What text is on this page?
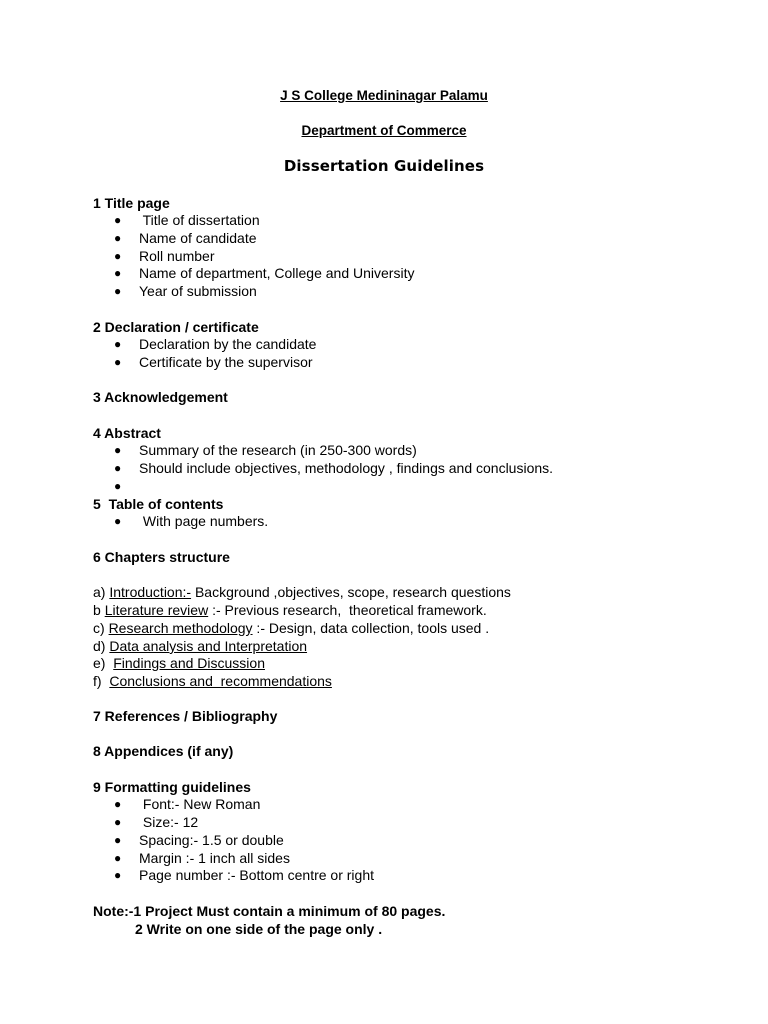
J S College Medininagar Palamu
Department of Commerce
Dissertation Guidelines
1 Title page
● Title of dissertation
● Name of candidate
● Roll number
● Name of department, College and University
● Year of submission
2 Declaration / certificate
● Declaration by the candidate
● Certificate by the supervisor
3 Acknowledgement
4 Abstract
● Summary of the research (in 250-300 words)
● Should include objectives, methodology , findings and conclusions.
●
5  Table of contents
● With page numbers.
6 Chapters structure
a) Introduction:- Background ,objectives, scope, research questions
b Literature review :- Previous research,  theoretical framework.
c) Research methodology :- Design, data collection, tools used .
d) Data analysis and Interpretation
e)  Findings and Discussion
f)  Conclusions and  recommendations
7 References / Bibliography
8 Appendices (if any)
9 Formatting guidelines
● Font:- New Roman
● Size:- 12
● Spacing:- 1.5 or double
● Margin :- 1 inch all sides
● Page number :- Bottom centre or right
Note:-1 Project Must contain a minimum of 80 pages.
2 Write on one side of the page only .
